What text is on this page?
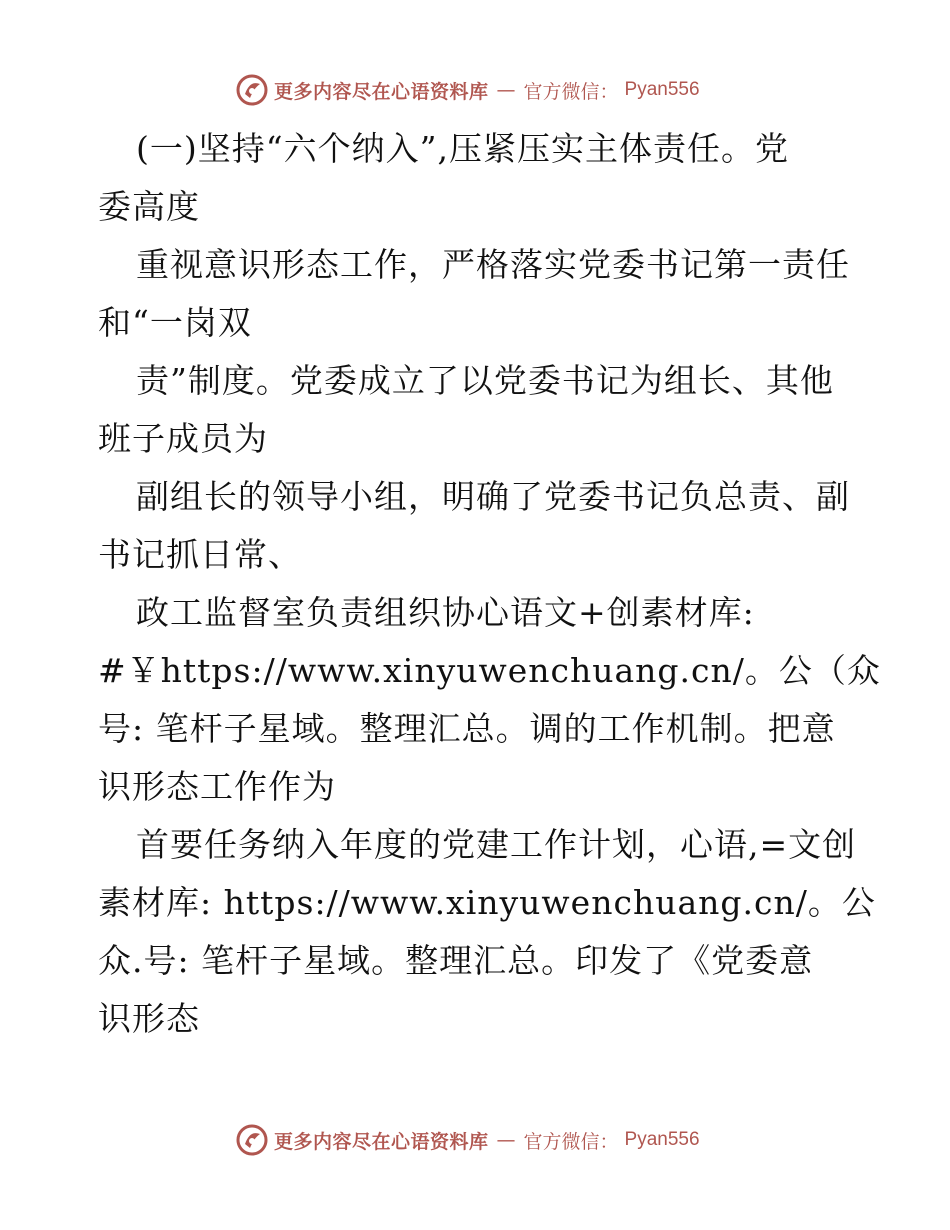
更多内容尽在心语资料库 — 官方微信： Pyan556
(一)坚持“六个纳入”,压紧压实主体责任。党
委高度
重视意识形态工作，严格落实党委书记第一责任
和“一岗双
责”制度。党委成立了以党委书记为组长、其他
班子成员为
副组长的领导小组，明确了党委书记负总责、副
书记抓日常、
政工监督室负责组织协心语文+创素材库:
#￥https://www.xinyuwenchuang.cn/。公（众
号: 笔杆子星域。整理汇总。调的工作机制。把意
识形态工作作为
首要任务纳入年度的党建工作计划，心语,=文创
素材库: https://www.xinyuwenchuang.cn/。公
众.号: 笔杆子星域。整理汇总。印发了《党委意
识形态
更多内容尽在心语资料库 — 官方微信： Pyan556
